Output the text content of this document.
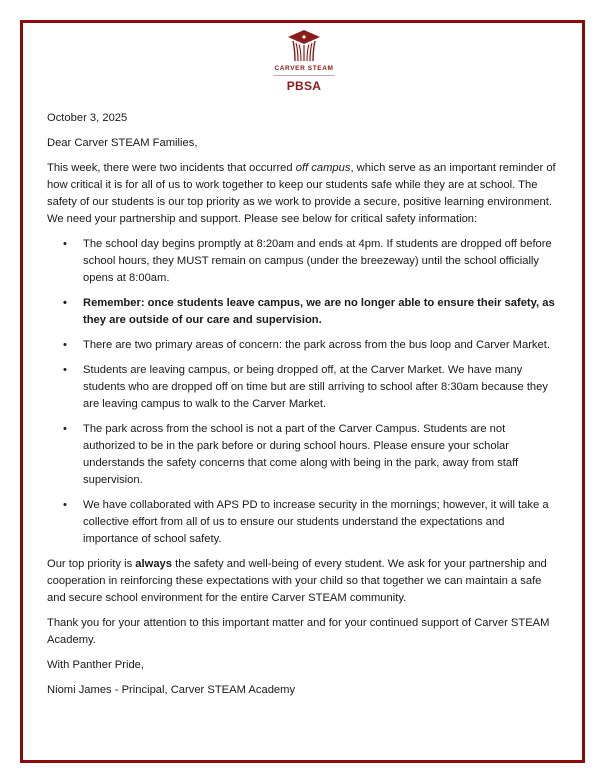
CARVER STEAM
PBSA

October 3, 2025

Dear Carver STEAM Families,

This week, there were two incidents that occurred off campus, which serve as an important reminder of how critical it is for all of us to work together to keep our students safe while they are at school. The safety of our students is our top priority as we work to provide a secure, positive learning environment. We need your partnership and support. Please see below for critical safety information:

• The school day begins promptly at 8:20am and ends at 4pm. If students are dropped off before school hours, they MUST remain on campus (under the breezeway) until the school officially opens at 8:00am.
• Remember: once students leave campus, we are no longer able to ensure their safety, as they are outside of our care and supervision.
• There are two primary areas of concern: the park across from the bus loop and Carver Market.
• Students are leaving campus, or being dropped off, at the Carver Market. We have many students who are dropped off on time but are still arriving to school after 8:30am because they are leaving campus to walk to the Carver Market.
• The park across from the school is not a part of the Carver Campus. Students are not authorized to be in the park before or during school hours. Please ensure your scholar understands the safety concerns that come along with being in the park, away from staff supervision.
• We have collaborated with APS PD to increase security in the mornings; however, it will take a collective effort from all of us to ensure our students understand the expectations and importance of school safety.

Our top priority is always the safety and well-being of every student. We ask for your partnership and cooperation in reinforcing these expectations with your child so that together we can maintain a safe and secure school environment for the entire Carver STEAM community.

Thank you for your attention to this important matter and for your continued support of Carver STEAM Academy.

With Panther Pride,

Niomi James - Principal, Carver STEAM Academy
